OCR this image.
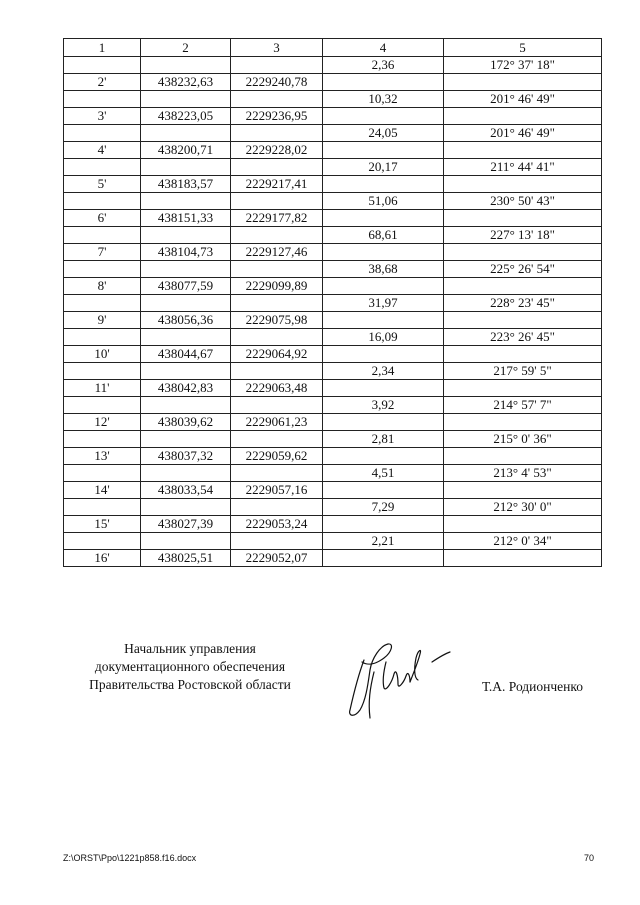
1	2	3	4	5
			2,36	172° 37' 18"
2'	438232,63	2229240,78		
			10,32	201° 46' 49"
3'	438223,05	2229236,95		
			24,05	201° 46' 49"
4'	438200,71	2229228,02		
			20,17	211° 44' 41"
5'	438183,57	2229217,41		
			51,06	230° 50' 43"
6'	438151,33	2229177,82		
			68,61	227° 13' 18"
7'	438104,73	2229127,46		
			38,68	225° 26' 54"
8'	438077,59	2229099,89		
			31,97	228° 23' 45"
9'	438056,36	2229075,98		
			16,09	223° 26' 45"
10'	438044,67	2229064,92		
			2,34	217° 59' 5"
11'	438042,83	2229063,48		
			3,92	214° 57' 7"
12'	438039,62	2229061,23		
			2,81	215° 0' 36"
13'	438037,32	2229059,62		
			4,51	213° 4' 53"
14'	438033,54	2229057,16		
			7,29	212° 30' 0"
15'	438027,39	2229053,24		
			2,21	212° 0' 34"
16'	438025,51	2229052,07		
Начальник управления
документационного обеспечения
Правительства Ростовской области	Т.А. Родионченко
Z:\ORST\Ppo\1221p858.f16.docx	70
